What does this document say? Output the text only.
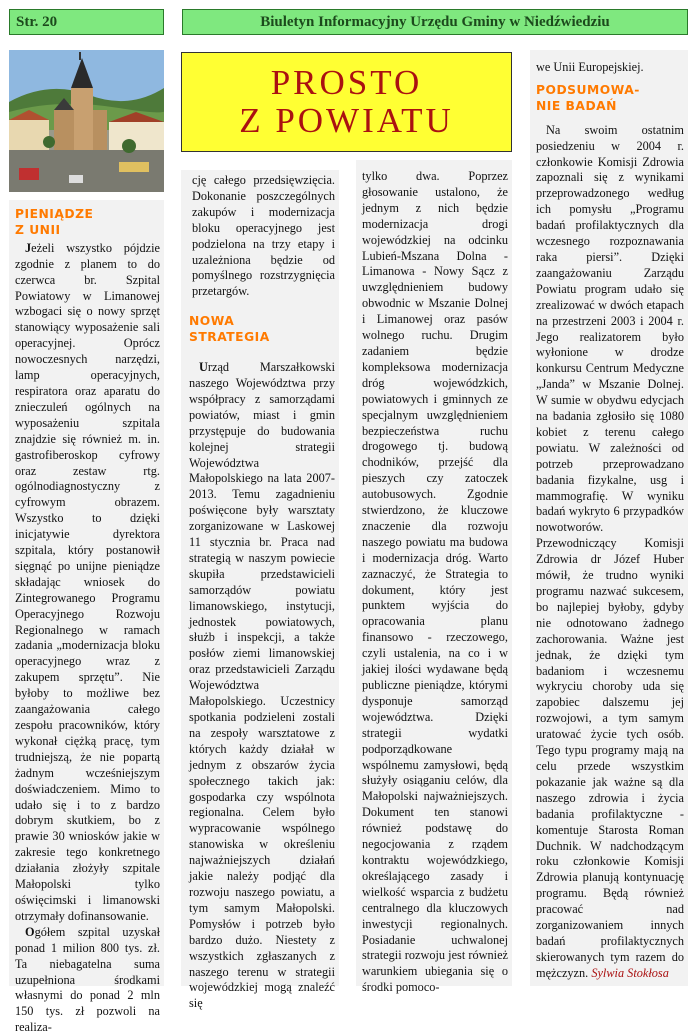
Str. 20	Biuletyn Informacyjny Urzędu Gminy w Niedźwiedziu
PROSTO
Z POWIATU

PIENIĄDZE

Z UNII

Jeżeli wszystko pójdzie zgodnie z planem to do czerwca br. Szpital Powiatowy w Limanowej wzbogaci się o nowy sprzęt stanowiący wyposażenie sali operacyjnej. Oprócz nowoczesnych narzędzi, lamp operacyjnych, respiratora oraz aparatu do znieczuleń ogólnych na wyposażeniu szpitala znajdzie się również m. in. gastrofiberoskop cyfrowy oraz zestaw rtg. ogólnodiagnostyczny z cyfrowym obrazem. Wszystko to dzięki inicjatywie dyrektora szpitala, który postanowił sięgnąć po unijne pieniądze składając wniosek do Zintegrowanego Programu Operacyjnego Rozwoju Regionalnego w ramach zadania „modernizacja bloku operacyjnego wraz z zakupem sprzętu”. Nie byłoby to możliwe bez zaangażowania całego zespołu pracowników, który wykonał ciężką pracę, tym trudniejszą, że nie popartą żadnym wcześniejszym doświadczeniem. Mimo to udało się i to z bardzo dobrym skutkiem, bo z prawie 30 wniosków jakie w zakresie tego konkretnego działania złożyły szpitale Małopolski tylko oświęcimski i limanowski otrzymały dofinansowanie.

Ogółem szpital uzyskał ponad 1 milion 800 tys. zł. Ta niebagatelna suma uzupełniona środkami własnymi do ponad 2 mln 150 tys. zł pozwoli na realiza-

cję całego przedsięwzięcia. Dokonanie poszczególnych zakupów i modernizacja bloku operacyjnego jest podzielona na trzy etapy i uzależniona będzie od pomyślnego rozstrzygnięcia przetargów.

NOWA

STRATEGIA

Urząd Marszałkowski naszego Województwa przy współpracy z samorządami powiatów, miast i gmin przystępuje do budowania kolejnej strategii Województwa Małopolskiego na lata 2007-2013. Temu zagadnieniu poświęcone były warsztaty zorganizowane w Laskowej 11 stycznia br. Praca nad strategią w naszym powiecie skupiła przedstawicieli samorządów powiatu limanowskiego, instytucji, jednostek powiatowych, służb i inspekcji, a także posłów ziemi limanowskiej oraz przedstawicieli Zarządu Województwa Małopolskiego. Uczestnicy spotkania podzieleni zostali na zespoły warsztatowe z których każdy działał w jednym z obszarów życia społecznego takich jak: gospodarka czy wspólnota regionalna. Celem było wypracowanie wspólnego stanowiska w określeniu najważniejszych działań jakie należy podjąć dla rozwoju naszego powiatu, a tym samym Małopolski. Pomysłów i potrzeb było bardzo dużo. Niestety z wszystkich zgłaszanych z naszego terenu w strategii wojewódzkiej mogą znaleźć się

tylko dwa. Poprzez głosowanie ustalono, że jednym z nich będzie modernizacja drogi wojewódzkiej na odcinku Lubień-Mszana Dolna - Limanowa - Nowy Sącz z uwzględnieniem budowy obwodnic w Mszanie Dolnej i Limanowej oraz pasów wolnego ruchu. Drugim zadaniem będzie kompleksowa modernizacja dróg wojewódzkich, powiatowych i gminnych ze specjalnym uwzględnieniem bezpieczeństwa ruchu drogowego tj. budową chodników, przejść dla pieszych czy zatoczek autobusowych. Zgodnie stwierdzono, że kluczowe znaczenie dla rozwoju naszego powiatu ma budowa i modernizacja dróg. Warto zaznaczyć, że Strategia to dokument, który jest punktem wyjścia do opracowania planu finansowo - rzeczowego, czyli ustalenia, na co i w jakiej ilości wydawane będą publiczne pieniądze, którymi dysponuje samorząd województwa. Dzięki strategii wydatki podporządkowane wspólnemu zamysłowi, będą służyły osiąganiu celów, dla Małopolski najważniejszych. Dokument ten stanowi również podstawę do negocjowania z rządem kontraktu wojewódzkiego, określającego zasady i wielkość wsparcia z budżetu centralnego dla kluczowych inwestycji regionalnych. Posiadanie uchwalonej strategii rozwoju jest również warunkiem ubiegania się o środki pomoco-

we Unii Europejskiej.

PODSUMOWA-

NIE BADAŃ

Na swoim ostatnim posiedzeniu w 2004 r. członkowie Komisji Zdrowia zapoznali się z wynikami przeprowadzonego według ich pomysłu „Programu badań profilaktycznych dla wczesnego rozpoznawania raka piersi”. Dzięki zaangażowaniu Zarządu Powiatu program udało się zrealizować w dwóch etapach na przestrzeni 2003 i 2004 r. Jego realizatorem było wyłonione w drodze konkursu Centrum Medyczne „Janda” w Mszanie Dolnej. W sumie w obydwu edycjach na badania zgłosiło się 1080 kobiet z terenu całego powiatu. W zależności od potrzeb przeprowadzano badania fizykalne, usg i mammografię. W wyniku badań wykryto 6 przypadków nowotworów. Przewodniczący Komisji Zdrowia dr Józef Huber mówił, że trudno wyniki programu nazwać sukcesem, bo najlepiej byłoby, gdyby nie odnotowano żadnego zachorowania. Ważne jest jednak, że dzięki tym badaniom i wczesnemu wykryciu choroby uda się zapobiec dalszemu jej rozwojowi, a tym samym uratować życie tych osób. Tego typu programy mają na celu przede wszystkim pokazanie jak ważne są dla naszego zdrowia i życia badania profilaktyczne - komentuje Starosta Roman Duchnik. W nadchodzącym roku członkowie Komisji Zdrowia planują kontynuację programu. Będą również pracować nad zorganizowaniem innych badań profilaktycznych skierowanych tym razem do mężczyzn. Sylwia Stokłosa
